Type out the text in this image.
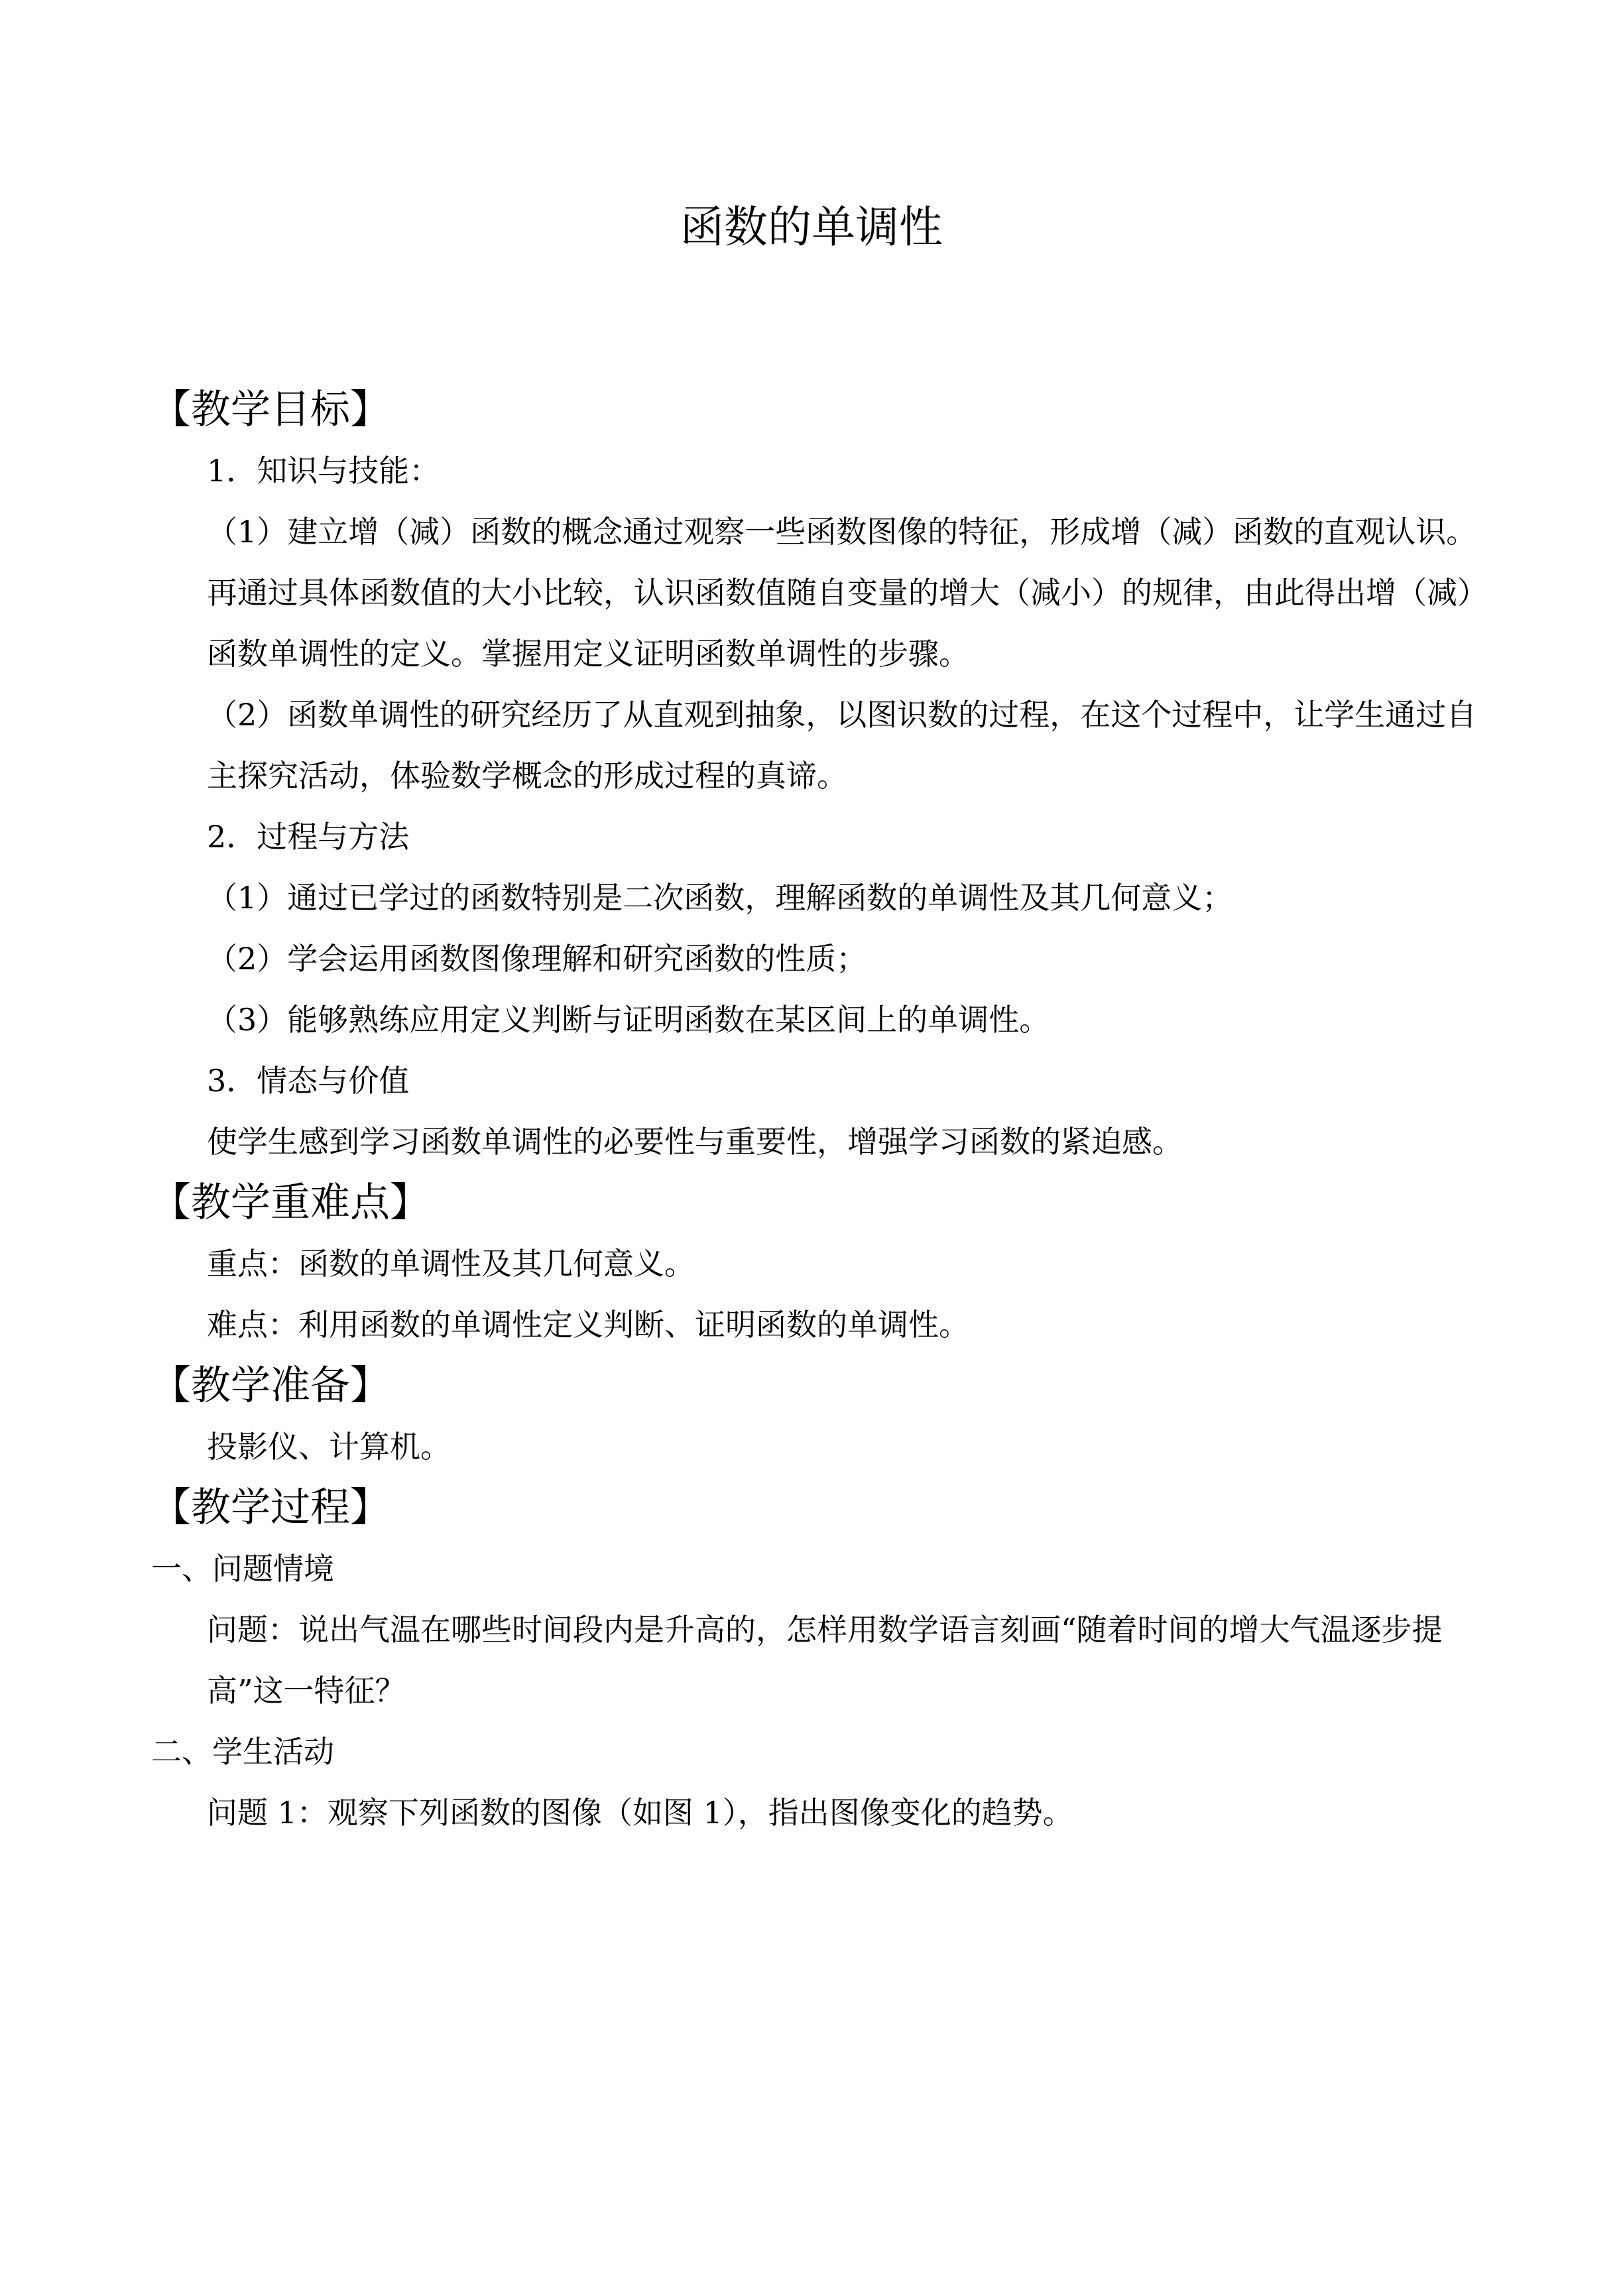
函数的单调性
【教学目标】

1．知识与技能：

（1）建立增（减）函数的概念通过观察一些函数图像的特征，形成增（减）函数的直观认识。 再通过具体函数值的大小比较，认识函数值随自变量的增大（减小）的规律，由此得出增（减）函数单调性的定义。掌握用定义证明函数单调性的步骤。

（2）函数单调性的研究经历了从直观到抽象，以图识数的过程，在这个过程中，让学生通过自主探究活动，体验数学概念的形成过程的真谛。

2．过程与方法

（1）通过已学过的函数特别是二次函数，理解函数的单调性及其几何意义；

（2）学会运用函数图像理解和研究函数的性质；

（3）能够熟练应用定义判断与证明函数在某区间上的单调性。

3．情态与价值

使学生感到学习函数单调性的必要性与重要性，增强学习函数的紧迫感。

【教学重难点】

重点：函数的单调性及其几何意义。

难点：利用函数的单调性定义判断、证明函数的单调性。

【教学准备】

投影仪、计算机。

【教学过程】

一、问题情境

问题：说出气温在哪些时间段内是升高的，怎样用数学语言刻画“随着时间的增大气温逐步提高”这一特征？

二、学生活动

问题 1：观察下列函数的图像（如图 1），指出图像变化的趋势。
